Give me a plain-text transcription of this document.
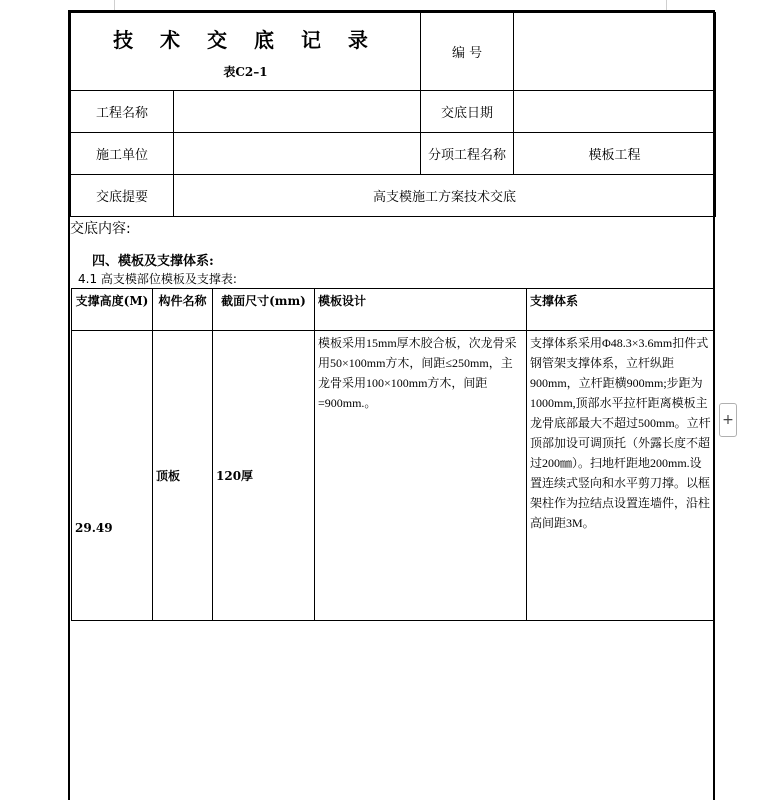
技 术 交 底 记 录
表C2–1		编 号	
工程名称		交底日期	
施工单位		分项工程名称	模板工程
交底提要	高支模施工方案技术交底		
交底内容:
四、模板及支撑体系:
4.1 高支模部位模板及支撑表:
支撑高度(M)	构件名称	截面尺寸(mm)	模板设计	支撑体系
29.49	顶板	120厚	模板采用15mm厚木胶合板，次龙骨采用50×100mm方木，间距≤250mm，主龙骨采用100×100mm方木，间距=900mm.。	支撑体系采用Φ48.3×3.6mm扣件式钢管架支撑体系，立杆纵距900mm，立杆距横900mm;步距为1000mm,顶部水平拉杆距离模板主龙骨底部最大不超过500mm。立杆顶部加设可调顶托（外露长度不超过200㎜）。扫地杆距地200mm.设置连续式竖向和水平剪刀撑。以框架柱作为拉结点设置连墙件，沿柱高间距3M。
+
